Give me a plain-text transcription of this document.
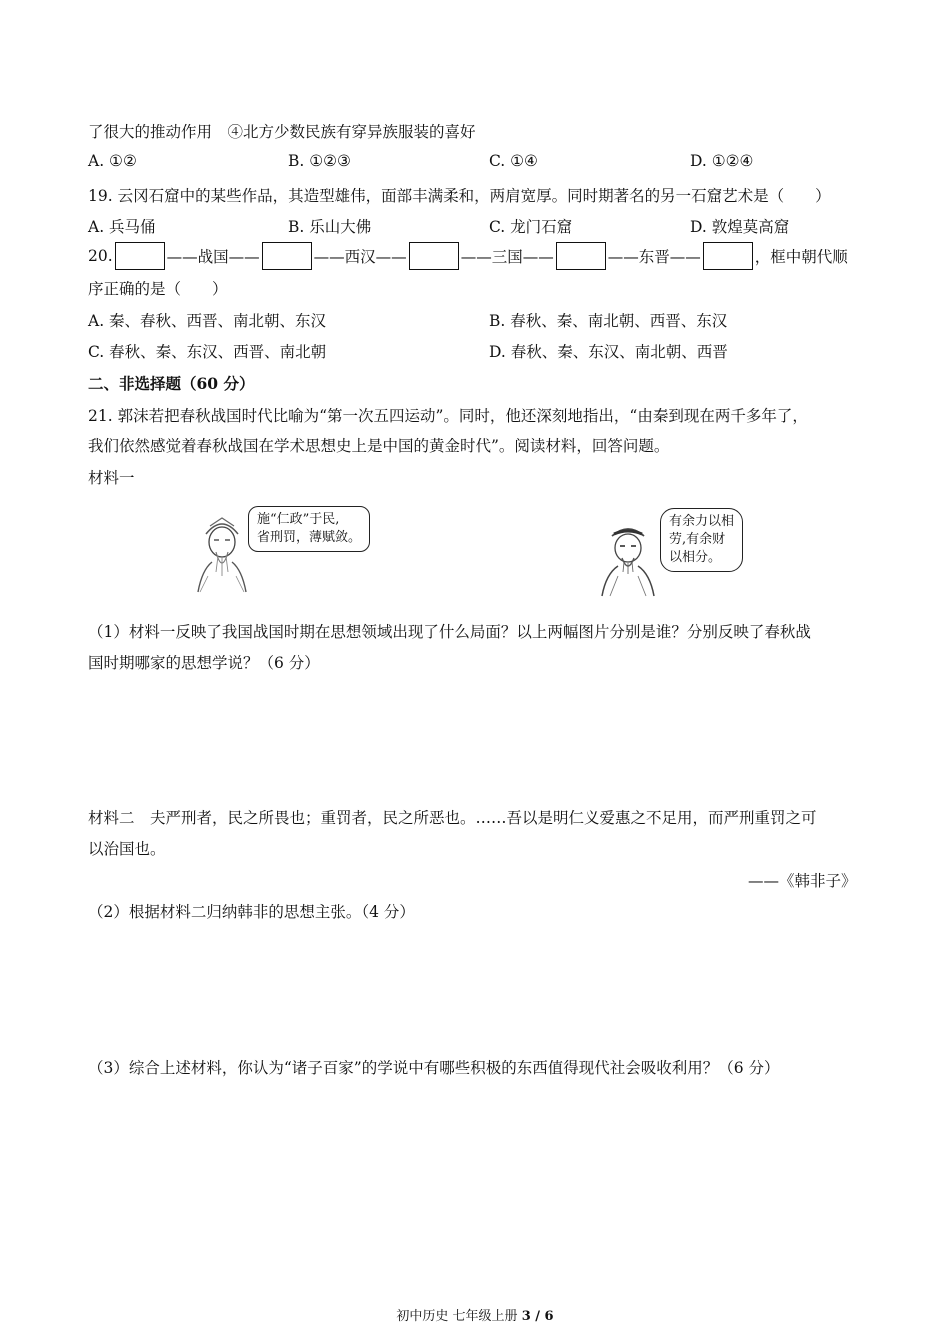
了很大的推动作用　④北方少数民族有穿异族服装的喜好
A. ①②	B. ①②③	C. ①④	D. ①②④
19. 云冈石窟中的某些作品，其造型雄伟，面部丰满柔和，两肩宽厚。同时期著名的另一石窟艺术是（　　）
A. 兵马俑	B. 乐山大佛	C. 龙门石窟	D. 敦煌莫高窟
20.	——战国——	——西汉——	——三国——	——东晋——	，框中朝代顺
序正确的是（　　）
A. 秦、春秋、西晋、南北朝、东汉	B. 春秋、秦、南北朝、西晋、东汉
C. 春秋、秦、东汉、西晋、南北朝	D. 春秋、秦、东汉、南北朝、西晋
二、非选择题（60 分）
21. 郭沫若把春秋战国时代比喻为“第一次五四运动”。同时，他还深刻地指出，“由秦到现在两千多年了，
我们依然感觉着春秋战国在学术思想史上是中国的黄金时代”。阅读材料，回答问题。
材料一
施“仁政”于民,
省刑罚，薄赋敛。
有余力以相
劳,有余财
以相分。
（1）材料一反映了我国战国时期在思想领域出现了什么局面？以上两幅图片分别是谁？分别反映了春秋战
国时期哪家的思想学说？（6 分）
材料二　夫严刑者，民之所畏也；重罚者，民之所恶也。……吾以是明仁义爱惠之不足用，而严刑重罚之可
以治国也。
——《韩非子》
（2）根据材料二归纳韩非的思想主张。（4 分）
（3）综合上述材料，你认为“诸子百家”的学说中有哪些积极的东西值得现代社会吸收利用？（6 分）
初中历史 七年级上册 3 / 6
